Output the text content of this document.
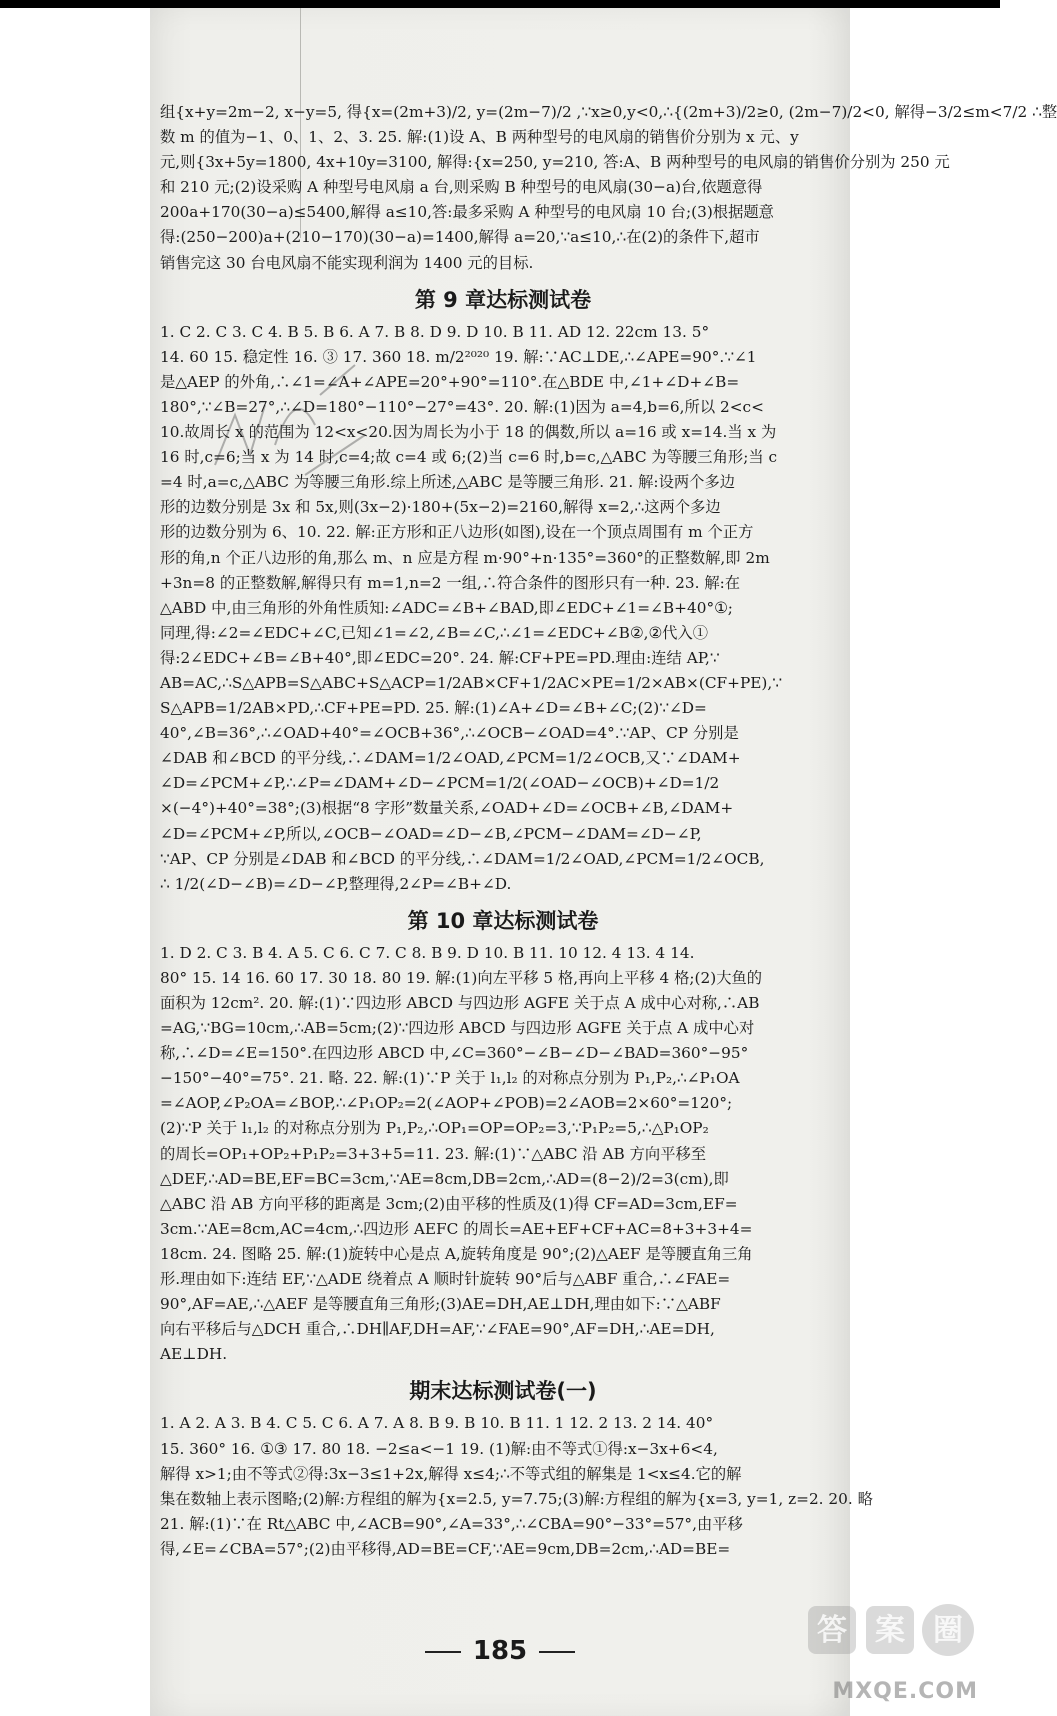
组{x+y=2m−2, x−y=5, 得{x=(2m+3)/2, y=(2m−7)/2 ,∵x≥0,y<0,∴{(2m+3)/2≥0, (2m−7)/2<0, 解得−3/2≤m<7/2 ∴整
数 m 的值为−1、0、1、2、3. 25. 解:(1)设 A、B 两种型号的电风扇的销售价分别为 x 元、y
元,则{3x+5y=1800, 4x+10y=3100, 解得:{x=250, y=210, 答:A、B 两种型号的电风扇的销售价分别为 250 元
和 210 元;(2)设采购 A 种型号电风扇 a 台,则采购 B 种型号的电风扇(30−a)台,依题意得
200a+170(30−a)≤5400,解得 a≤10,答:最多采购 A 种型号的电风扇 10 台;(3)根据题意
得:(250−200)a+(210−170)(30−a)=1400,解得 a=20,∵a≤10,∴在(2)的条件下,超市
销售完这 30 台电风扇不能实现利润为 1400 元的目标.
第 9 章达标测试卷
1. C 2. C 3. C 4. B 5. B 6. A 7. B 8. D 9. D 10. B 11. AD 12. 22cm 13. 5°
14. 60 15. 稳定性 16. ③ 17. 360 18. m/2²⁰²⁰ 19. 解:∵AC⊥DE,∴∠APE=90°.∵∠1
是△AEP 的外角,∴∠1=∠A+∠APE=20°+90°=110°.在△BDE 中,∠1+∠D+∠B=
180°,∵∠B=27°,∴∠D=180°−110°−27°=43°. 20. 解:(1)因为 a=4,b=6,所以 2<c<
10.故周长 x 的范围为 12<x<20.因为周长为小于 18 的偶数,所以 a=16 或 x=14.当 x 为
16 时,c=6;当 x 为 14 时,c=4;故 c=4 或 6;(2)当 c=6 时,b=c,△ABC 为等腰三角形;当 c
=4 时,a=c,△ABC 为等腰三角形.综上所述,△ABC 是等腰三角形. 21. 解:设两个多边
形的边数分别是 3x 和 5x,则(3x−2)·180+(5x−2)=2160,解得 x=2,∴这两个多边
形的边数分别为 6、10. 22. 解:正方形和正八边形(如图),设在一个顶点周围有 m 个正方
形的角,n 个正八边形的角,那么 m、n 应是方程 m·90°+n·135°=360°的正整数解,即 2m
+3n=8 的正整数解,解得只有 m=1,n=2 一组,∴符合条件的图形只有一种. 23. 解:在
△ABD 中,由三角形的外角性质知:∠ADC=∠B+∠BAD,即∠EDC+∠1=∠B+40°①;
同理,得:∠2=∠EDC+∠C,已知∠1=∠2,∠B=∠C,∴∠1=∠EDC+∠B②,②代入①
得:2∠EDC+∠B=∠B+40°,即∠EDC=20°. 24. 解:CF+PE=PD.理由:连结 AP,∵
AB=AC,∴S△APB=S△ABC+S△ACP=1/2AB×CF+1/2AC×PE=1/2×AB×(CF+PE),∵
S△APB=1/2AB×PD,∴CF+PE=PD. 25. 解:(1)∠A+∠D=∠B+∠C;(2)∵∠D=
40°,∠B=36°,∴∠OAD+40°=∠OCB+36°,∴∠OCB−∠OAD=4°.∵AP、CP 分别是
∠DAB 和∠BCD 的平分线,∴∠DAM=1/2∠OAD,∠PCM=1/2∠OCB,又∵∠DAM+
∠D=∠PCM+∠P,∴∠P=∠DAM+∠D−∠PCM=1/2(∠OAD−∠OCB)+∠D=1/2
×(−4°)+40°=38°;(3)根据“8 字形”数量关系,∠OAD+∠D=∠OCB+∠B,∠DAM+
∠D=∠PCM+∠P,所以,∠OCB−∠OAD=∠D−∠B,∠PCM−∠DAM=∠D−∠P,
∵AP、CP 分别是∠DAB 和∠BCD 的平分线,∴∠DAM=1/2∠OAD,∠PCM=1/2∠OCB,
∴ 1/2(∠D−∠B)=∠D−∠P,整理得,2∠P=∠B+∠D.
第 10 章达标测试卷
1. D 2. C 3. B 4. A 5. C 6. C 7. C 8. B 9. D 10. B 11. 10 12. 4 13. 4 14.
80° 15. 14 16. 60 17. 30 18. 80 19. 解:(1)向左平移 5 格,再向上平移 4 格;(2)大鱼的
面积为 12cm². 20. 解:(1)∵四边形 ABCD 与四边形 AGFE 关于点 A 成中心对称,∴AB
=AG,∵BG=10cm,∴AB=5cm;(2)∵四边形 ABCD 与四边形 AGFE 关于点 A 成中心对
称,∴∠D=∠E=150°.在四边形 ABCD 中,∠C=360°−∠B−∠D−∠BAD=360°−95°
−150°−40°=75°. 21. 略. 22. 解:(1)∵P 关于 l₁,l₂ 的对称点分别为 P₁,P₂,∴∠P₁OA
=∠AOP,∠P₂OA=∠BOP,∴∠P₁OP₂=2(∠AOP+∠POB)=2∠AOB=2×60°=120°;
(2)∵P 关于 l₁,l₂ 的对称点分别为 P₁,P₂,∴OP₁=OP=OP₂=3,∵P₁P₂=5,∴△P₁OP₂
的周长=OP₁+OP₂+P₁P₂=3+3+5=11. 23. 解:(1)∵△ABC 沿 AB 方向平移至
△DEF,∴AD=BE,EF=BC=3cm,∵AE=8cm,DB=2cm,∴AD=(8−2)/2=3(cm),即
△ABC 沿 AB 方向平移的距离是 3cm;(2)由平移的性质及(1)得 CF=AD=3cm,EF=
3cm.∵AE=8cm,AC=4cm,∴四边形 AEFC 的周长=AE+EF+CF+AC=8+3+3+4=
18cm. 24. 图略 25. 解:(1)旋转中心是点 A,旋转角度是 90°;(2)△AEF 是等腰直角三角
形.理由如下:连结 EF,∵△ADE 绕着点 A 顺时针旋转 90°后与△ABF 重合,∴∠FAE=
90°,AF=AE,∴△AEF 是等腰直角三角形;(3)AE=DH,AE⊥DH,理由如下:∵△ABF
向右平移后与△DCH 重合,∴DH∥AF,DH=AF,∵∠FAE=90°,AF=DH,∴AE=DH,
AE⊥DH.
期末达标测试卷(一)
1. A 2. A 3. B 4. C 5. C 6. A 7. A 8. B 9. B 10. B 11. 1 12. 2 13. 2 14. 40°
15. 360° 16. ①③ 17. 80 18. −2≤a<−1 19. (1)解:由不等式①得:x−3x+6<4,
解得 x>1;由不等式②得:3x−3≤1+2x,解得 x≤4;∴不等式组的解集是 1<x≤4.它的解
集在数轴上表示图略;(2)解:方程组的解为{x=2.5, y=7.75;(3)解:方程组的解为{x=3, y=1, z=2. 20. 略
21. 解:(1)∵在 Rt△ABC 中,∠ACB=90°,∠A=33°,∴∠CBA=90°−33°=57°,由平移
得,∠E=∠CBA=57°;(2)由平移得,AD=BE=CF,∵AE=9cm,DB=2cm,∴AD=BE=
185
答 案 圈
MXQE.COM
